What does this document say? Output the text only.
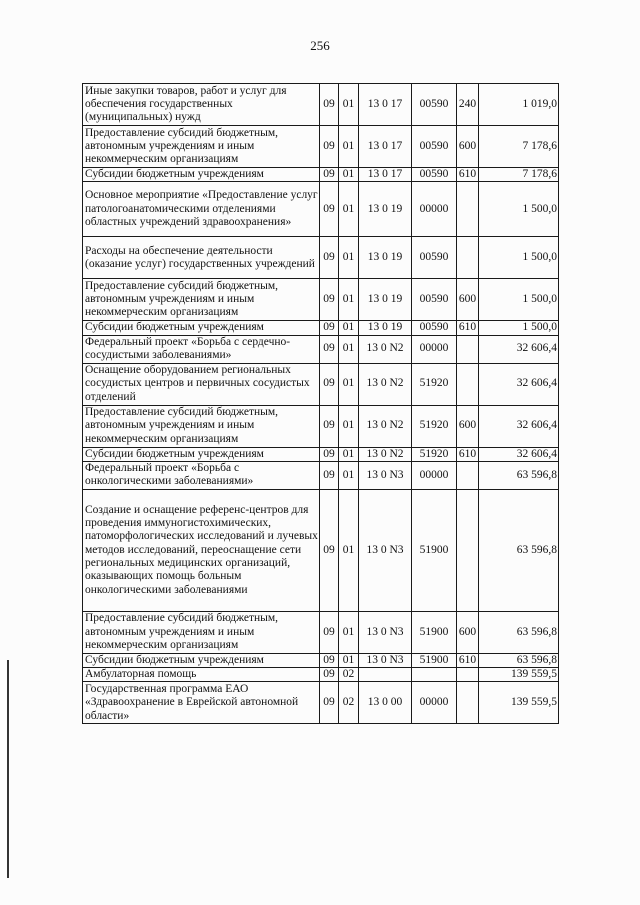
256
Иные закупки товаров, работ и услуг для обеспечения государственных (муниципальных) нужд	09	01	13 0 17	00590	240	1 019,0
Предоставление субсидий бюджетным, автономным учреждениям и иным некоммерческим организациям	09	01	13 0 17	00590	600	7 178,6
Субсидии бюджетным учреждениям	09	01	13 0 17	00590	610	7 178,6
Основное мероприятие «Предоставление услуг патологоанатомическими отделениями областных учреждений здравоохранения»	09	01	13 0 19	00000		1 500,0
Расходы на обеспечение деятельности (оказание услуг) государственных учреждений	09	01	13 0 19	00590		1 500,0
Предоставление субсидий бюджетным, автономным учреждениям и иным некоммерческим организациям	09	01	13 0 19	00590	600	1 500,0
Субсидии бюджетным учреждениям	09	01	13 0 19	00590	610	1 500,0
Федеральный проект «Борьба с сердечно-сосудистыми заболеваниями»	09	01	13 0 N2	00000		32 606,4
Оснащение оборудованием региональных сосудистых центров и первичных сосудистых отделений	09	01	13 0 N2	51920		32 606,4
Предоставление субсидий бюджетным, автономным учреждениям и иным некоммерческим организациям	09	01	13 0 N2	51920	600	32 606,4
Субсидии бюджетным учреждениям	09	01	13 0 N2	51920	610	32 606,4
Федеральный проект «Борьба с онкологическими заболеваниями»	09	01	13 0 N3	00000		63 596,8
Создание и оснащение референс-центров для проведения иммуногистохимических, патоморфологических исследований и лучевых методов исследований, переоснащение сети региональных медицинских организаций, оказывающих помощь больным онкологическими заболеваниями	09	01	13 0 N3	51900		63 596,8
Предоставление субсидий бюджетным, автономным учреждениям и иным некоммерческим организациям	09	01	13 0 N3	51900	600	63 596,8
Субсидии бюджетным учреждениям	09	01	13 0 N3	51900	610	63 596,8
Амбулаторная помощь	09	02				139 559,5
Государственная программа ЕАО «Здравоохранение в Еврейской автономной области»	09	02	13 0 00	00000		139 559,5
